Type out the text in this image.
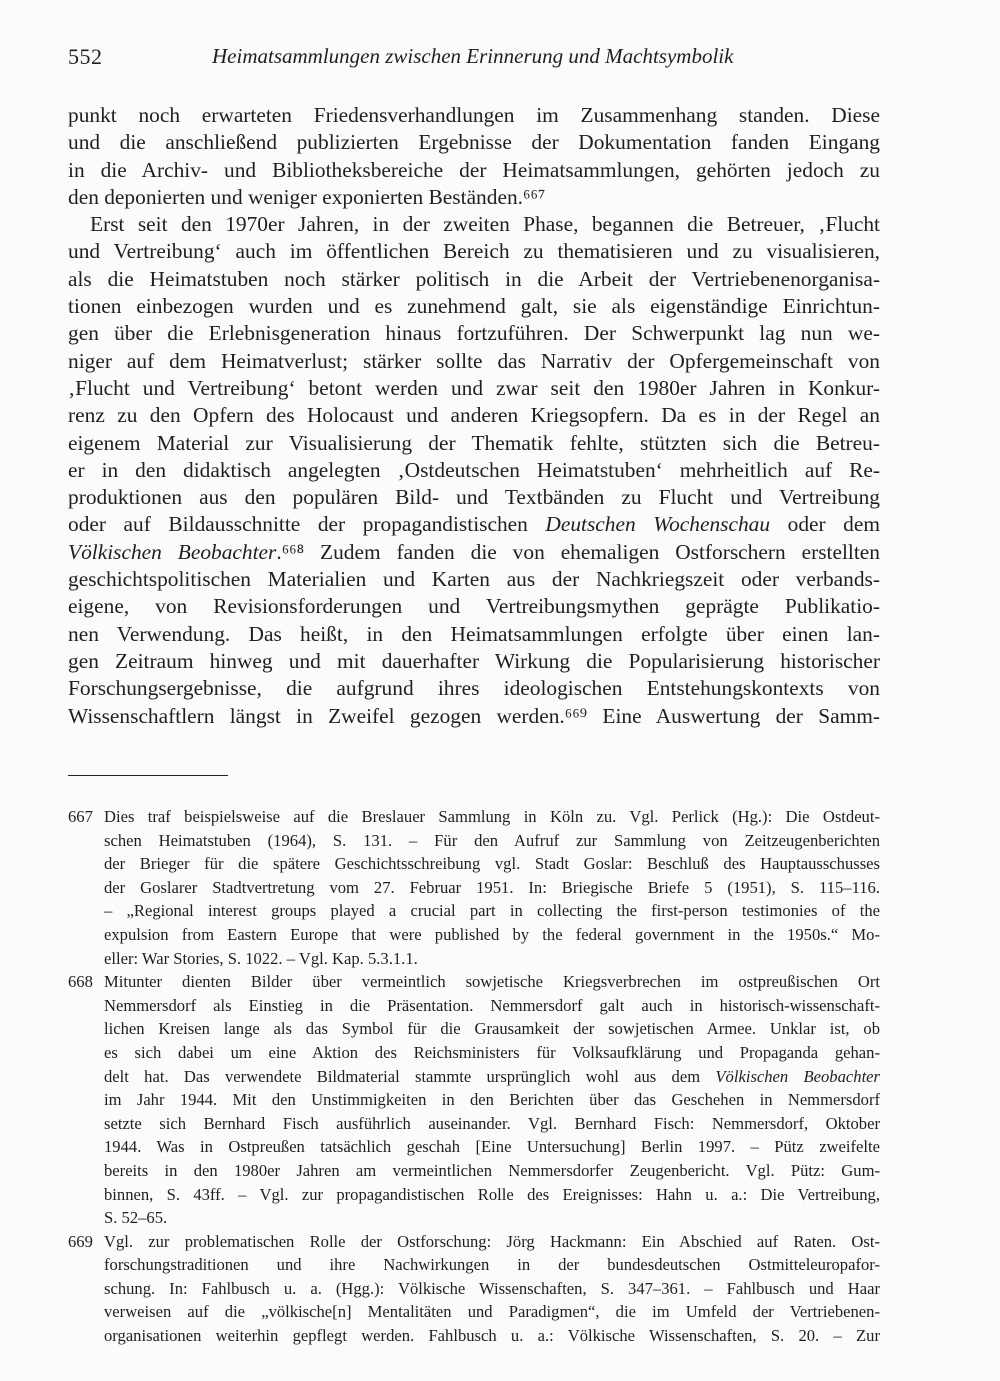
552	Heimatsammlungen zwischen Erinnerung und Machtsymbolik
punkt noch erwarteten Friedensverhandlungen im Zusammenhang standen. Diese
und die anschließend publizierten Ergebnisse der Dokumentation fanden Eingang
in die Archiv- und Bibliotheksbereiche der Heimatsammlungen, gehörten jedoch zu
den deponierten und weniger exponierten Beständen.⁶⁶⁷
Erst seit den 1970er Jahren, in der zweiten Phase, begannen die Betreuer, ‚Flucht
und Vertreibung‘ auch im öffentlichen Bereich zu thematisieren und zu visualisieren,
als die Heimatstuben noch stärker politisch in die Arbeit der Vertriebenenorganisa-
tionen einbezogen wurden und es zunehmend galt, sie als eigenständige Einrichtun-
gen über die Erlebnisgeneration hinaus fortzuführen. Der Schwerpunkt lag nun we-
niger auf dem Heimatverlust; stärker sollte das Narrativ der Opfergemeinschaft von
‚Flucht und Vertreibung‘ betont werden und zwar seit den 1980er Jahren in Konkur-
renz zu den Opfern des Holocaust und anderen Kriegsopfern. Da es in der Regel an
eigenem Material zur Visualisierung der Thematik fehlte, stützten sich die Betreu-
er in den didaktisch angelegten ‚Ostdeutschen Heimatstuben‘ mehrheitlich auf Re-
produktionen aus den populären Bild- und Textbänden zu Flucht und Vertreibung
oder auf Bildausschnitte der propagandistischen Deutschen Wochenschau oder dem
Völkischen Beobachter.⁶⁶⁸ Zudem fanden die von ehemaligen Ostforschern erstellten
geschichtspolitischen Materialien und Karten aus der Nachkriegszeit oder verbands-
eigene, von Revisionsforderungen und Vertreibungsmythen geprägte Publikatio-
nen Verwendung. Das heißt, in den Heimatsammlungen erfolgte über einen lan-
gen Zeitraum hinweg und mit dauerhafter Wirkung die Popularisierung historischer
Forschungsergebnisse, die aufgrund ihres ideologischen Entstehungskontexts von
Wissenschaftlern längst in Zweifel gezogen werden.⁶⁶⁹ Eine Auswertung der Samm-
667 Dies traf beispielsweise auf die Breslauer Sammlung in Köln zu. Vgl. Perlick (Hg.): Die Ostdeut-
schen Heimatstuben (1964), S. 131. – Für den Aufruf zur Sammlung von Zeitzeugenberichten
der Brieger für die spätere Geschichtsschreibung vgl. Stadt Goslar: Beschluß des Hauptausschusses
der Goslarer Stadtvertretung vom 27. Februar 1951. In: Briegische Briefe 5 (1951), S. 115–116.
– „Regional interest groups played a crucial part in collecting the first-person testimonies of the
expulsion from Eastern Europe that were published by the federal government in the 1950s.“ Mo-
eller: War Stories, S. 1022. – Vgl. Kap. 5.3.1.1.
668 Mitunter dienten Bilder über vermeintlich sowjetische Kriegsverbrechen im ostpreußischen Ort
Nemmersdorf als Einstieg in die Präsentation. Nemmersdorf galt auch in historisch-wissenschaft-
lichen Kreisen lange als das Symbol für die Grausamkeit der sowjetischen Armee. Unklar ist, ob
es sich dabei um eine Aktion des Reichsministers für Volksaufklärung und Propaganda gehan-
delt hat. Das verwendete Bildmaterial stammte ursprünglich wohl aus dem Völkischen Beobachter
im Jahr 1944. Mit den Unstimmigkeiten in den Berichten über das Geschehen in Nemmersdorf
setzte sich Bernhard Fisch ausführlich auseinander. Vgl. Bernhard Fisch: Nemmersdorf, Oktober
1944. Was in Ostpreußen tatsächlich geschah [Eine Untersuchung] Berlin 1997. – Pütz zweifelte
bereits in den 1980er Jahren am vermeintlichen Nemmersdorfer Zeugenbericht. Vgl. Pütz: Gum-
binnen, S. 43ff. – Vgl. zur propagandistischen Rolle des Ereignisses: Hahn u. a.: Die Vertreibung,
S. 52–65.
669 Vgl. zur problematischen Rolle der Ostforschung: Jörg Hackmann: Ein Abschied auf Raten. Ost-
forschungstraditionen und ihre Nachwirkungen in der bundesdeutschen Ostmitteleuropafor-
schung. In: Fahlbusch u. a. (Hgg.): Völkische Wissenschaften, S. 347–361. – Fahlbusch und Haar
verweisen auf die „völkische[n] Mentalitäten und Paradigmen“, die im Umfeld der Vertriebenen-
organisationen weiterhin gepflegt werden. Fahlbusch u. a.: Völkische Wissenschaften, S. 20. – Zur
